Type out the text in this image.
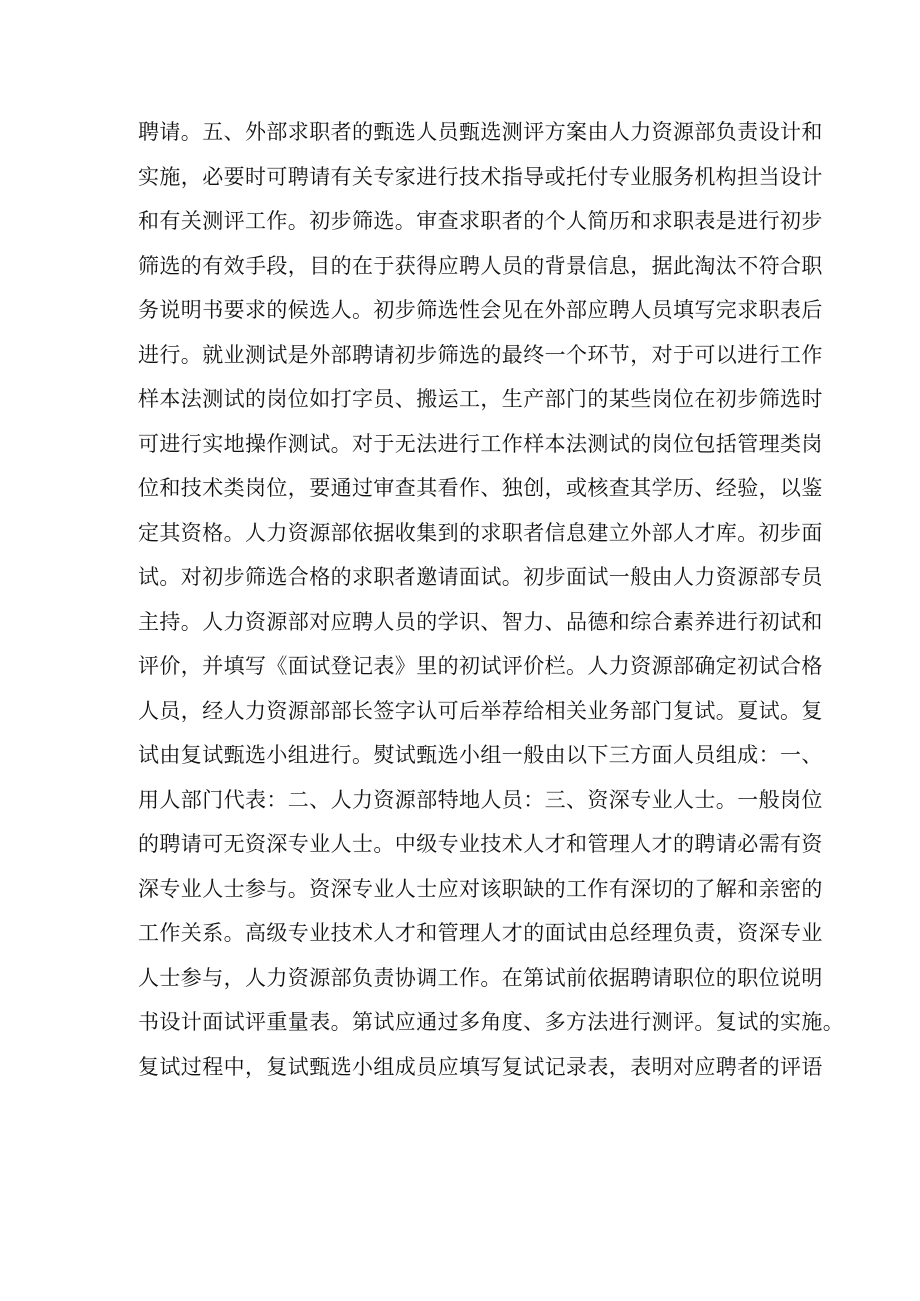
聘请。五、外部求职者的甄选人员甄选测评方案由人力资源部负责设计和
实施，必要时可聘请有关专家进行技术指导或托付专业服务机构担当设计
和有关测评工作。初步筛选。审查求职者的个人简历和求职表是进行初步
筛选的有效手段，目的在于获得应聘人员的背景信息，据此淘汰不符合职
务说明书要求的候选人。初步筛选性会见在外部应聘人员填写完求职表后
进行。就业测试是外部聘请初步筛选的最终一个环节，对于可以进行工作
样本法测试的岗位如打字员、搬运工，生产部门的某些岗位在初步筛选时
可进行实地操作测试。对于无法进行工作样本法测试的岗位包括管理类岗
位和技术类岗位，要通过审查其看作、独创，或核查其学历、经验，以鉴
定其资格。人力资源部依据收集到的求职者信息建立外部人才库。初步面
试。对初步筛选合格的求职者邀请面试。初步面试一般由人力资源部专员
主持。人力资源部对应聘人员的学识、智力、品德和综合素养进行初试和
评价，并填写《面试登记表》里的初试评价栏。人力资源部确定初试合格
人员，经人力资源部部长签字认可后举荐给相关业务部门复试。夏试。复
试由复试甄选小组进行。熨试甄选小组一般由以下三方面人员组成：一、
用人部门代表：二、人力资源部特地人员：三、资深专业人士。一般岗位
的聘请可无资深专业人士。中级专业技术人才和管理人才的聘请必需有资
深专业人士参与。资深专业人士应对该职缺的工作有深切的了解和亲密的
工作关系。高级专业技术人才和管理人才的面试由总经理负责，资深专业
人士参与，人力资源部负责协调工作。在第试前依据聘请职位的职位说明
书设计面试评重量表。第试应通过多角度、多方法进行测评。复试的实施。
复试过程中，复试甄选小组成员应填写复试记录表，表明对应聘者的评语
